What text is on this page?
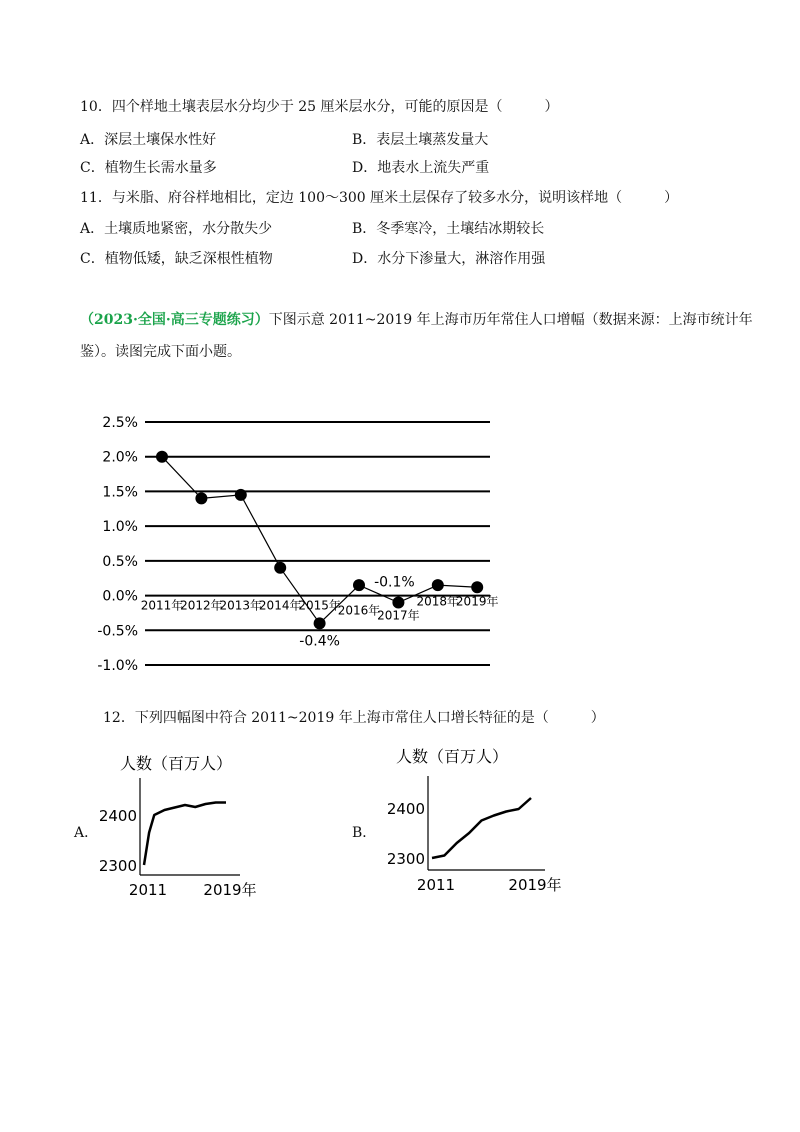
10．四个样地土壤表层水分均少于 25 厘米层水分，可能的原因是（　　　）
A．深层土壤保水性好	B．表层土壤蒸发量大
C．植物生长需水量多	D．地表水上流失严重
11．与米脂、府谷样地相比，定边 100～300 厘米土层保存了较多水分，说明该样地（　　　）
A．土壤质地紧密，水分散失少	B．冬季寒冷，土壤结冰期较长
C．植物低矮，缺乏深根性植物	D．水分下渗量大，淋溶作用强
（2023·全国·高三专题练习）下图示意 2011~2019 年上海市历年常住人口增幅（数据来源：上海市统计年
鉴）。读图完成下面小题。
2.5%
2.0%
1.5%
1.0%
0.5%
0.0%
-0.5%
-1.0%
2011年
2012年
2013年
2014年
2015年
2016年
2017年
2018年
2019年
-0.4%
-0.1%
12．下列四幅图中符合 2011~2019 年上海市常住人口增长特征的是（　　　）
A．	B．
人数（百万人）
2400
2300
2011 2019年
人数（百万人）
2400
2300
2011	2019年
